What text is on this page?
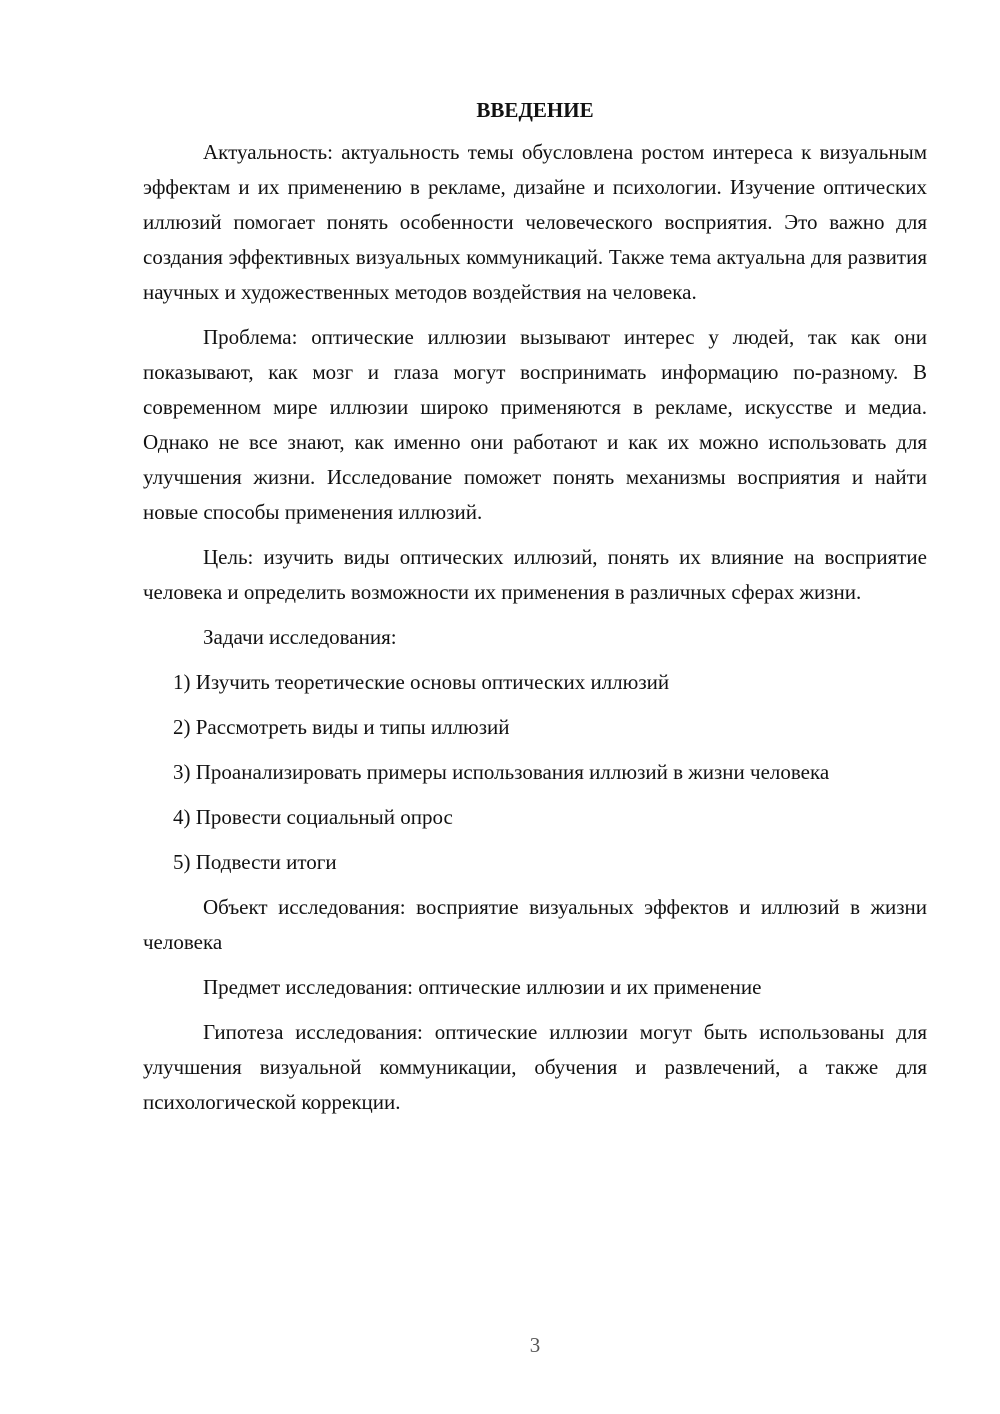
ВВЕДЕНИЕ

Актуальность: актуальность темы обусловлена ростом интереса к визуальным эффектам и их применению в рекламе, дизайне и психологии. Изучение оптических иллюзий помогает понять особенности человеческого восприятия. Это важно для создания эффективных визуальных коммуникаций. Также тема актуальна для развития научных и художественных методов воздействия на человека.

Проблема: оптические иллюзии вызывают интерес у людей, так как они показывают, как мозг и глаза могут воспринимать информацию по-разному. В современном мире иллюзии широко применяются в рекламе, искусстве и медиа. Однако не все знают, как именно они работают и как их можно использовать для улучшения жизни. Исследование поможет понять механизмы восприятия и найти новые способы применения иллюзий.

Цель: изучить виды оптических иллюзий, понять их влияние на восприятие человека и определить возможности их применения в различных сферах жизни.

Задачи исследования:

1) Изучить теоретические основы оптических иллюзий

2) Рассмотреть виды и типы иллюзий

3) Проанализировать примеры использования иллюзий в жизни человека

4) Провести социальный опрос

5) Подвести итоги

Объект исследования: восприятие визуальных эффектов и иллюзий в жизни человека

Предмет исследования: оптические иллюзии и их применение

Гипотеза исследования: оптические иллюзии могут быть использованы для улучшения визуальной коммуникации, обучения и развлечений, а также для психологической коррекции.

3
